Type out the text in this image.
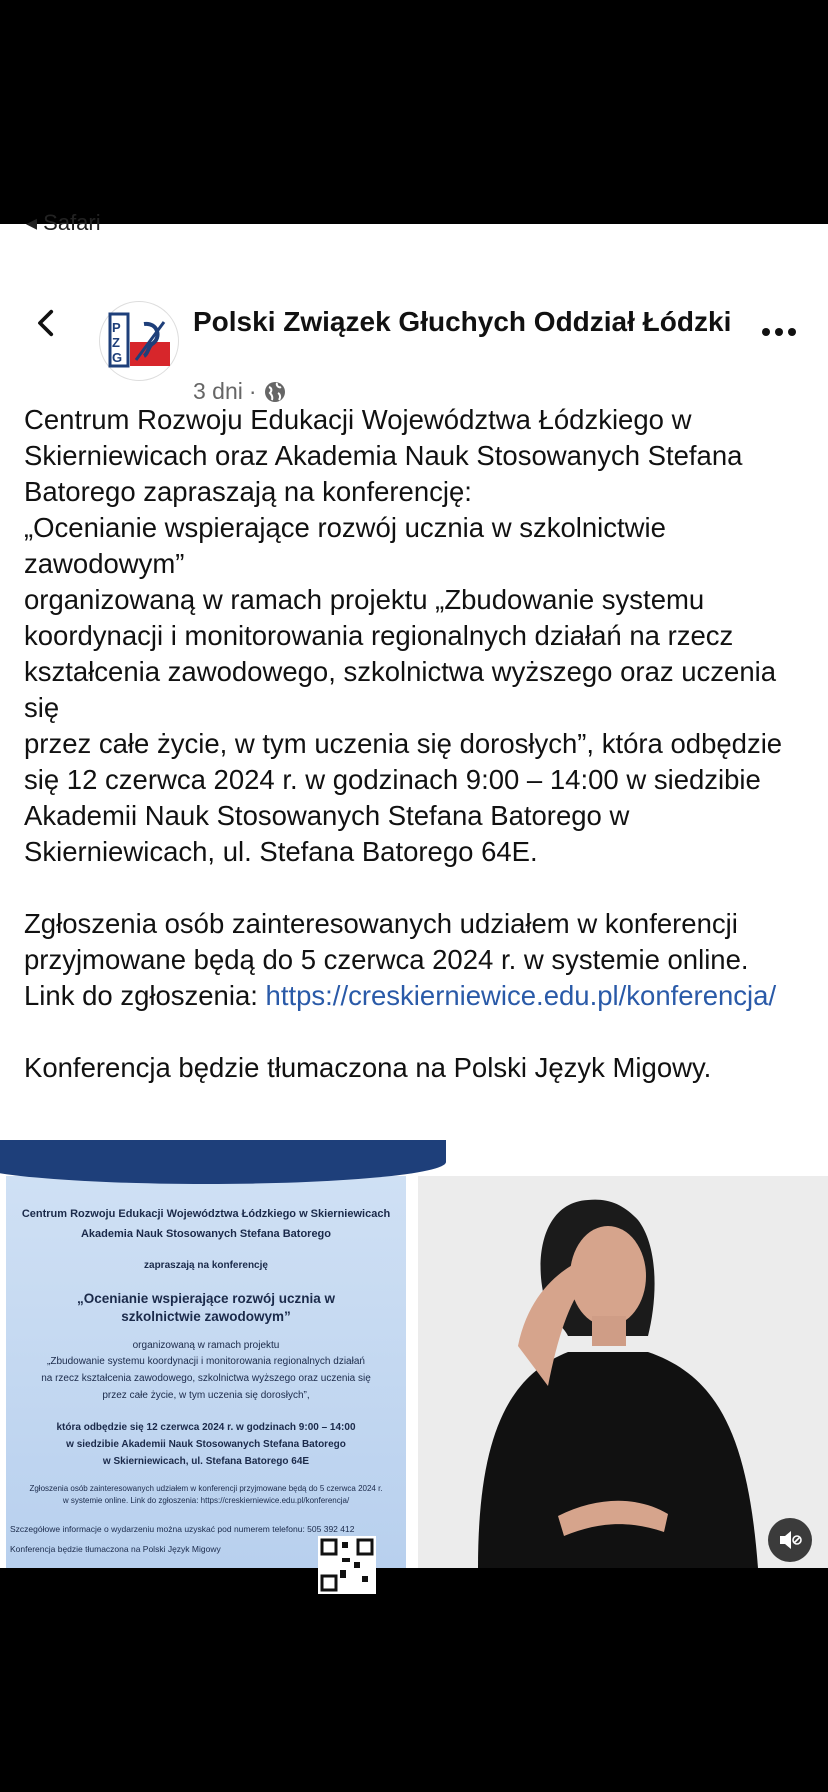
◂ Safari
P
Z
G
Polski Związek Głuchych Oddział Łódzki
3 dni ·
Centrum Rozwoju Edukacji Województwa Łódzkiego w Skierniewicach oraz Akademia Nauk Stosowanych Stefana Batorego zapraszają na konferencję:
„Ocenianie wspierające rozwój ucznia w szkolnictwie zawodowym”
organizowaną w ramach projektu „Zbudowanie systemu koordynacji i monitorowania regionalnych działań na rzecz kształcenia zawodowego, szkolnictwa wyższego oraz uczenia się
przez całe życie, w tym uczenia się dorosłych”, która odbędzie się 12 czerwca 2024 r. w godzinach 9:00 – 14:00 w siedzibie Akademii Nauk Stosowanych Stefana Batorego w Skierniewicach, ul. Stefana Batorego 64E.

Zgłoszenia osób zainteresowanych udziałem w konferencji przyjmowane będą do 5 czerwca 2024 r. w systemie online.
Link do zgłoszenia: https://creskierniewice.edu.pl/konferencja/

Konferencja będzie tłumaczona na Polski Język Migowy.

Centrum Rozwoju Edukacji Województwa Łódzkiego w Skierniewicach

Akademia Nauk Stosowanych Stefana Batorego

zapraszają na konferencję

„Ocenianie wspierające rozwój ucznia w szkolnictwie zawodowym”

organizowaną w ramach projektu

„Zbudowanie systemu koordynacji i monitorowania regionalnych działań

na rzecz kształcenia zawodowego, szkolnictwa wyższego oraz uczenia się

przez całe życie, w tym uczenia się dorosłych”,

która odbędzie się 12 czerwca 2024 r. w godzinach 9:00 – 14:00

w siedzibie Akademii Nauk Stosowanych Stefana Batorego

w Skierniewicach, ul. Stefana Batorego 64E

Zgłoszenia osób zainteresowanych udziałem w konferencji przyjmowane będą do 5 czerwca 2024 r.

w systemie online. Link do zgłoszenia: https://creskierniewice.edu.pl/konferencja/

Szczegółowe informacje o wydarzeniu można uzyskać pod numerem telefonu: 505 392 412

Konferencja będzie tłumaczona na Polski Język Migowy
